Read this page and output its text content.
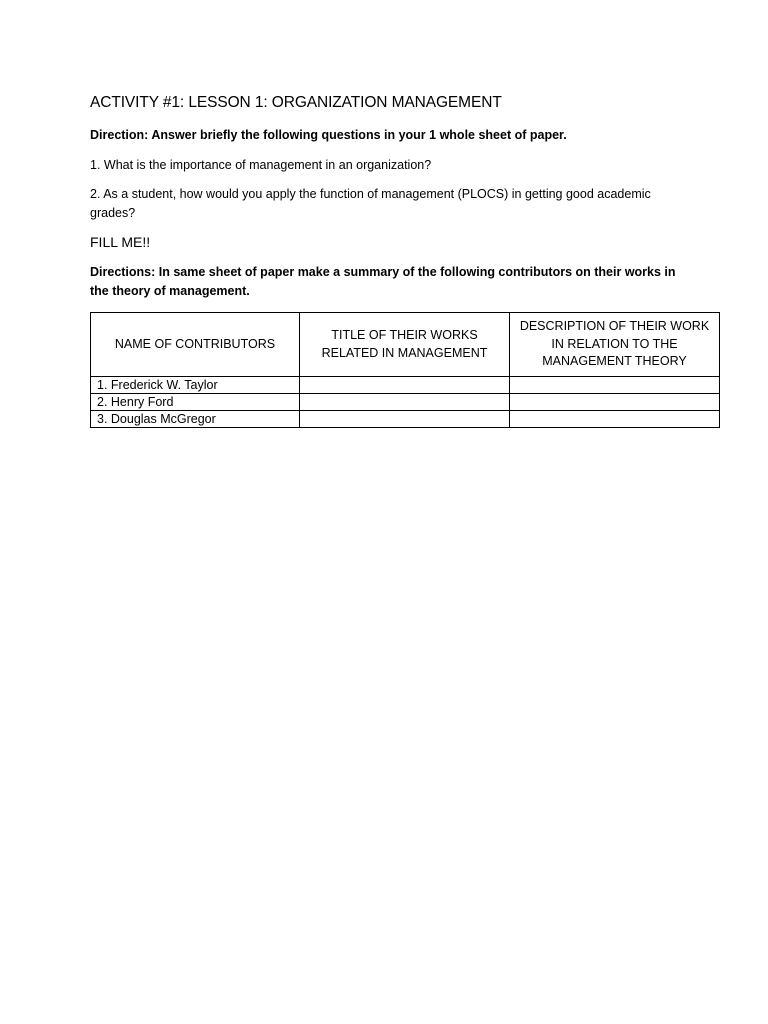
ACTIVITY #1: LESSON 1: ORGANIZATION MANAGEMENT
Direction: Answer briefly the following questions in your 1 whole sheet of paper.
1. What is the importance of management in an organization?
2. As a student, how would you apply the function of management (PLOCS) in getting good academic grades?
FILL ME!!
Directions: In same sheet of paper make a summary of the following contributors on their works in the theory of management.
NAME OF CONTRIBUTORS	TITLE OF THEIR WORKS RELATED IN MANAGEMENT	DESCRIPTION OF THEIR WORK IN RELATION TO THE MANAGEMENT THEORY
1. Frederick W. Taylor		
2. Henry Ford		
3. Douglas McGregor		
